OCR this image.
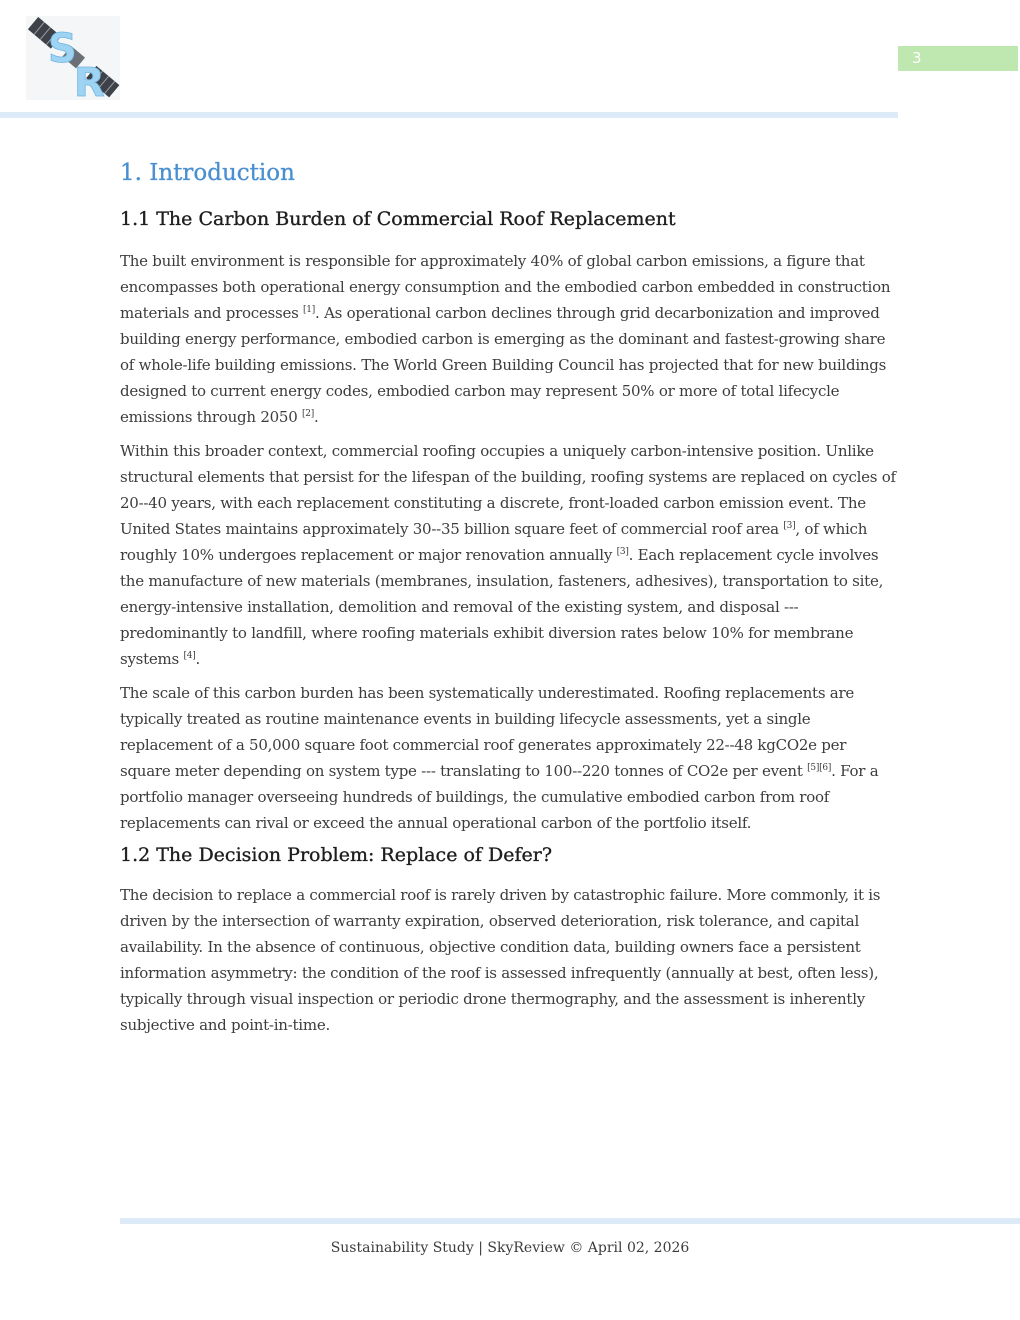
S
R
3
1. Introduction
1.1 The Carbon Burden of Commercial Roof Replacement

The built environment is responsible for approximately 40% of global carbon emissions, a figure that encompasses both operational energy consumption and the embodied carbon embedded in construction materials and processes [1]. As operational carbon declines through grid decarbonization and improved building energy performance, embodied carbon is emerging as the dominant and fastest-growing share of whole-life building emissions. The World Green Building Council has projected that for new buildings designed to current energy codes, embodied carbon may represent 50% or more of total lifecycle emissions through 2050 [2].

Within this broader context, commercial roofing occupies a uniquely carbon-intensive position. Unlike structural elements that persist for the lifespan of the building, roofing systems are replaced on cycles of 20--40 years, with each replacement constituting a discrete, front-loaded carbon emission event. The United States maintains approximately 30--35 billion square feet of commercial roof area [3], of which roughly 10% undergoes replacement or major renovation annually [3]. Each replacement cycle involves the manufacture of new materials (membranes, insulation, fasteners, adhesives), transportation to site, energy-intensive installation, demolition and removal of the existing system, and disposal --- predominantly to landfill, where roofing materials exhibit diversion rates below 10% for membrane systems [4].

The scale of this carbon burden has been systematically underestimated. Roofing replacements are typically treated as routine maintenance events in building lifecycle assessments, yet a single replacement of a 50,000 square foot commercial roof generates approximately 22--48 kgCO2e per square meter depending on system type --- translating to 100--220 tonnes of CO2e per event [5][6]. For a portfolio manager overseeing hundreds of buildings, the cumulative embodied carbon from roof replacements can rival or exceed the annual operational carbon of the portfolio itself.

1.2 The Decision Problem: Replace of Defer?

The decision to replace a commercial roof is rarely driven by catastrophic failure. More commonly, it is driven by the intersection of warranty expiration, observed deterioration, risk tolerance, and capital availability. In the absence of continuous, objective condition data, building owners face a persistent information asymmetry: the condition of the roof is assessed infrequently (annually at best, often less), typically through visual inspection or periodic drone thermography, and the assessment is inherently subjective and point-in-time.

Sustainability Study | SkyReview © April 02, 2026
